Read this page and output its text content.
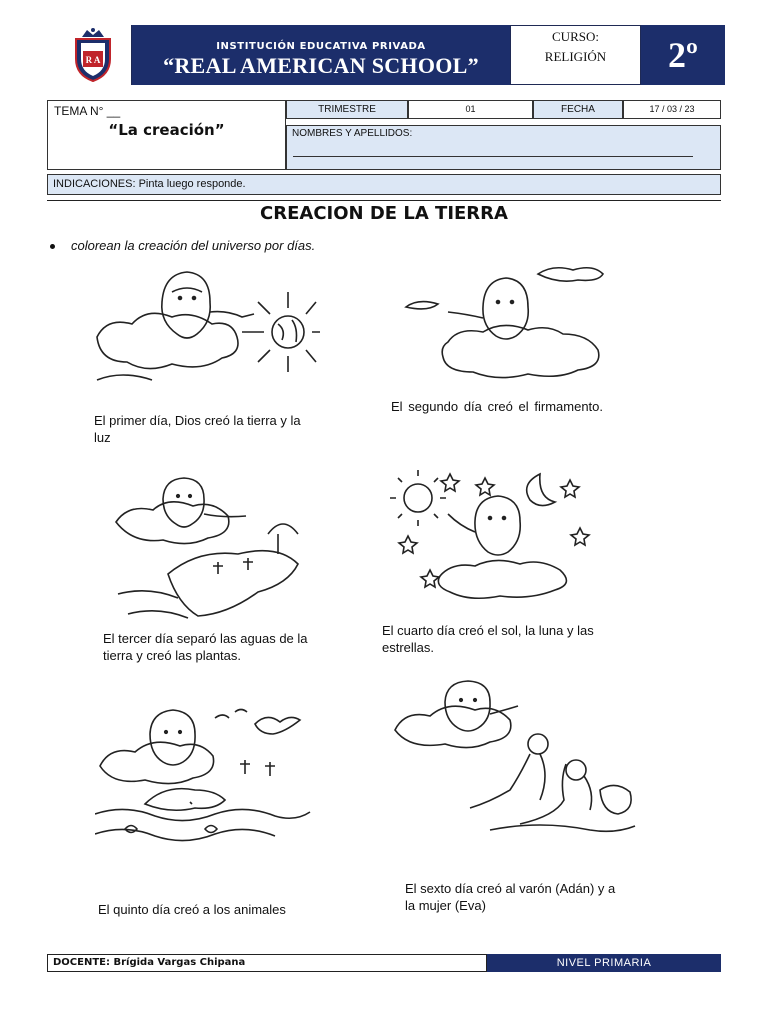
R A
INSTITUCIÓN EDUCATIVA PRIVADA
“REAL AMERICAN SCHOOL”
CURSO:
RELIGIÓN	2º
TEMA N° __
“La creación”
TRIMESTRE	01	FECHA	17 / 03 / 23
NOMBRES Y APELLIDOS:
INDICACIONES: Pinta luego responde.
CREACION DE LA TIERRA
colorean la creación del universo por días.
El primer día, Dios creó la tierra y la luz
El segundo día creó el firmamento.
El tercer día separó las aguas de la tierra y creó las plantas.
El cuarto día creó el sol, la luna y las estrellas.
El quinto día creó a los animales
El sexto día creó al varón (Adán) y a la mujer (Eva)
DOCENTE: Brígida Vargas Chipana	NIVEL PRIMARIA
